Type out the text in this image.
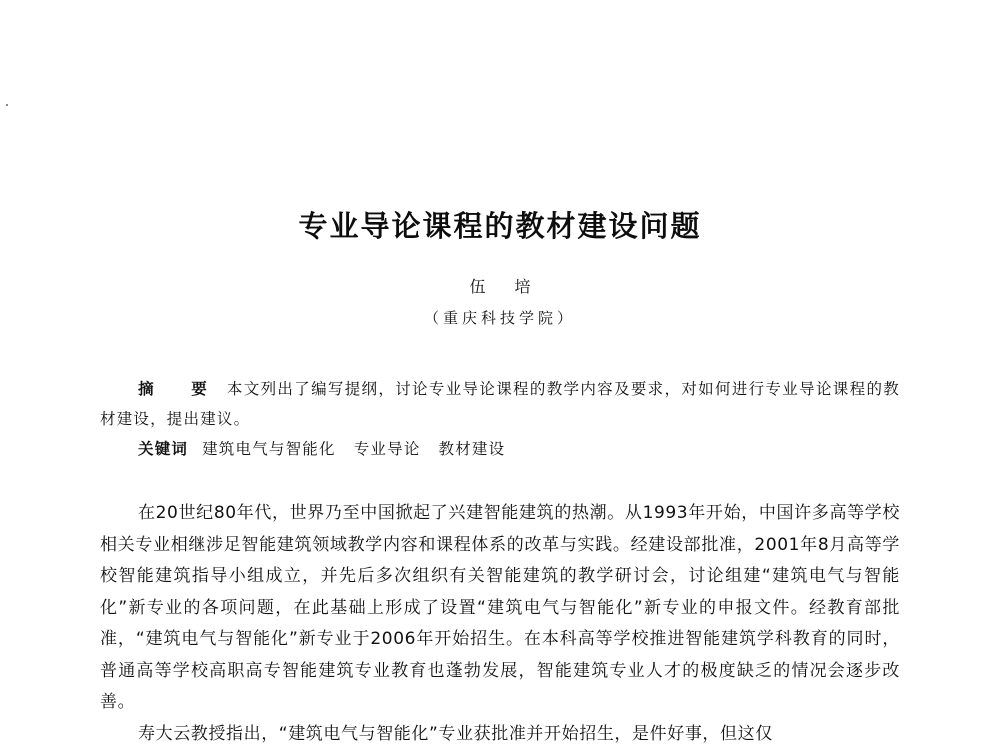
专业导论课程的教材建设问题
伍 培
（重庆科技学院）
摘 要 本文列出了编写提纲，讨论专业导论课程的教学内容及要求，对如何进行专业导论课程的教材建设，提出建议。
关键词 建筑电气与智能化 专业导论 教材建设

在20世纪80年代，世界乃至中国掀起了兴建智能建筑的热潮。从1993年开始，中国许多高等学校相关专业相继涉足智能建筑领域教学内容和课程体系的改革与实践。经建设部批准，2001年8月高等学校智能建筑指导小组成立，并先后多次组织有关智能建筑的教学研讨会，讨论组建“建筑电气与智能化”新专业的各项问题，在此基础上形成了设置“建筑电气与智能化”新专业的申报文件。经教育部批准，“建筑电气与智能化”新专业于2006年开始招生。在本科高等学校推进智能建筑学科教育的同时，普通高等学校高职高专智能建筑专业教育也蓬勃发展，智能建筑专业人才的极度缺乏的情况会逐步改善。

寿大云教授指出，“建筑电气与智能化”专业获批准并开始招生，是件好事，但这仅
